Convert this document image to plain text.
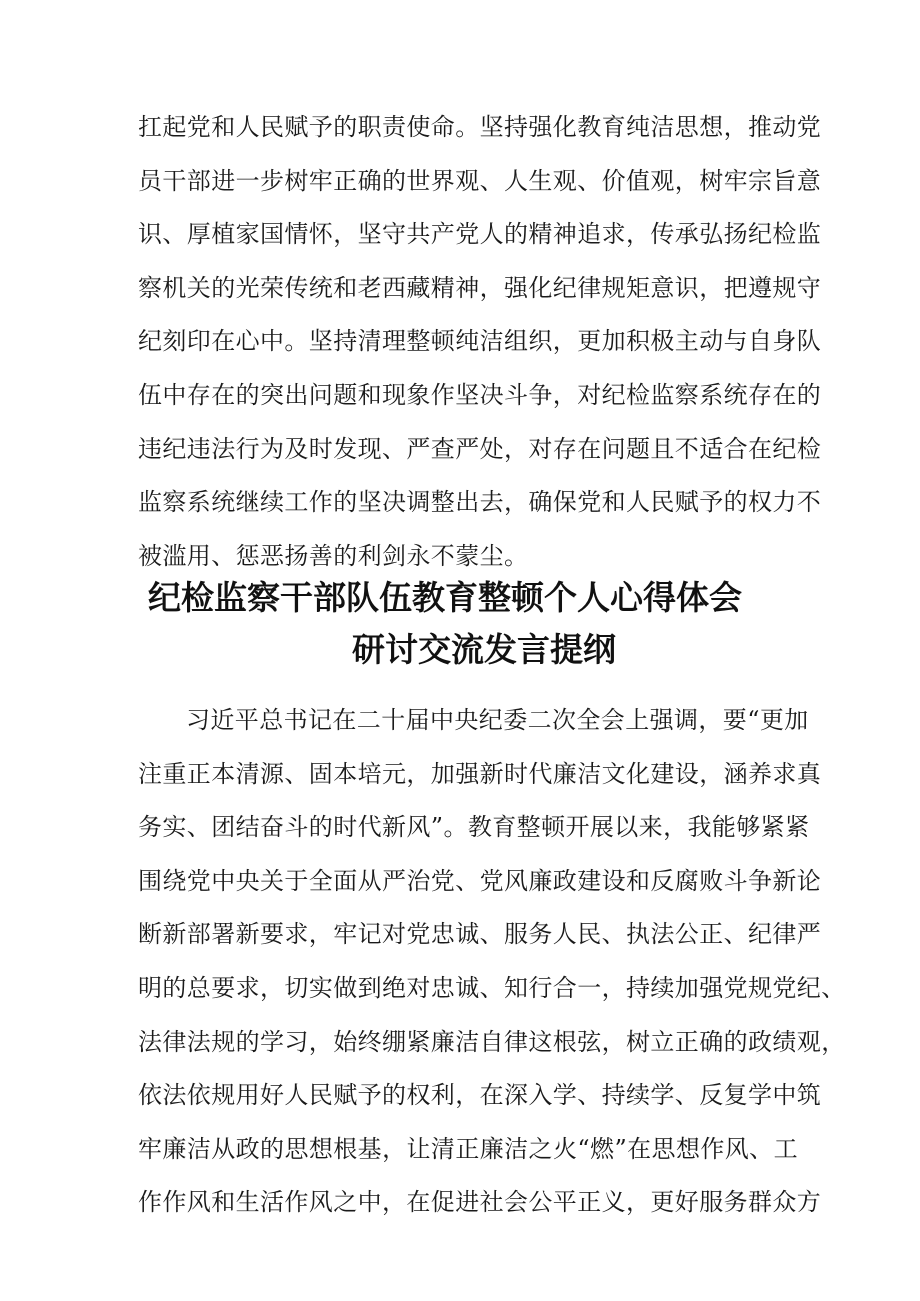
扛起党和人民赋予的职责使命。坚持强化教育纯洁思想，推动党
员干部进一步树牢正确的世界观、人生观、价值观，树牢宗旨意
识、厚植家国情怀，坚守共产党人的精神追求，传承弘扬纪检监
察机关的光荣传统和老西藏精神，强化纪律规矩意识，把遵规守
纪刻印在心中。坚持清理整顿纯洁组织，更加积极主动与自身队
伍中存在的突出问题和现象作坚决斗争，对纪检监察系统存在的
违纪违法行为及时发现、严查严处，对存在问题且不适合在纪检
监察系统继续工作的坚决调整出去，确保党和人民赋予的权力不
被滥用、惩恶扬善的利剑永不蒙尘。
纪检监察干部队伍教育整顿个人心得体会
研讨交流发言提纲
习近平总书记在二十届中央纪委二次全会上强调，要“更加
注重正本清源、固本培元，加强新时代廉洁文化建设，涵养求真
务实、团结奋斗的时代新风”。教育整顿开展以来，我能够紧紧
围绕党中央关于全面从严治党、党风廉政建设和反腐败斗争新论
断新部署新要求，牢记对党忠诚、服务人民、执法公正、纪律严
明的总要求，切实做到绝对忠诚、知行合一，持续加强党规党纪、
法律法规的学习，始终绷紧廉洁自律这根弦，树立正确的政绩观，
依法依规用好人民赋予的权利，在深入学、持续学、反复学中筑
牢廉洁从政的思想根基，让清正廉洁之火“燃”在思想作风、工
作作风和生活作风之中，在促进社会公平正义，更好服务群众方
